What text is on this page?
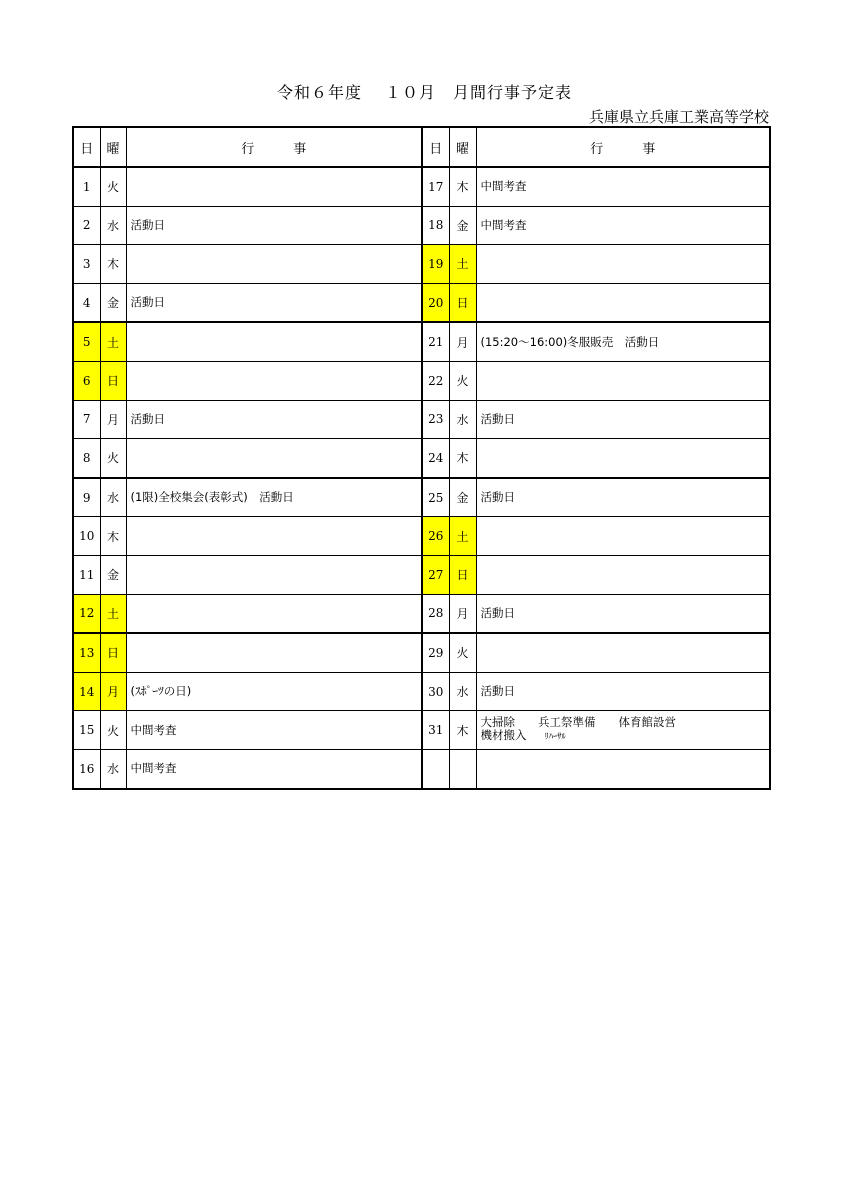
令和６年度　 １０月　月間行事予定表
兵庫県立兵庫工業高等学校
日	曜	行　　　事	日	曜	行　　　事
1	火		17	木	中間考査
2	水	活動日	18	金	中間考査
3	木		19	土	
4	金	活動日	20	日	
5	土		21	月	(15:20～16:00)冬服販売　活動日
6	日		22	火	
7	月	活動日	23	水	活動日
8	火		24	木	
9	水	(1限)全校集会(表彰式)　活動日	25	金	活動日
10	木		26	土	
11	金		27	日	
12	土		28	月	活動日
13	日		29	火	
14	月	(ｽﾎﾟｰﾂの日)	30	水	活動日
15	火	中間考査	31	木	大掃除　　兵工祭準備　　体育館設営
機材搬入 ﾘﾊｰｻﾙ

16	水	中間考査			
